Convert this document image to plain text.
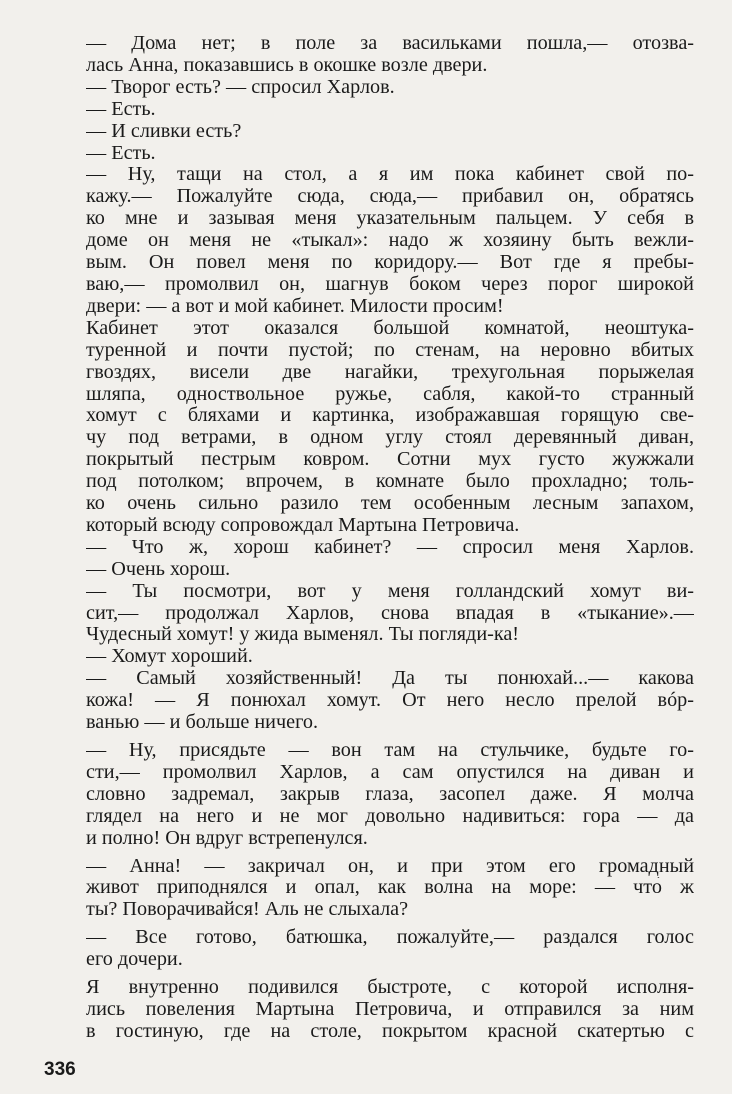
— Дома нет; в поле за васильками пошла,— отозва-
лась Анна, показавшись в окошке возле двери.
— Творог есть? — спросил Харлов.
— Есть.
— И сливки есть?
— Есть.
— Ну, тащи на стол, а я им пока кабинет свой по-
кажу.— Пожалуйте сюда, сюда,— прибавил он, обратясь
ко мне и зазывая меня указательным пальцем. У себя в
доме он меня не «тыкал»: надо ж хозяину быть вежли-
вым. Он повел меня по коридору.— Вот где я пребы-
ваю,— промолвил он, шагнув боком через порог широкой
двери: — а вот и мой кабинет. Милости просим!
Кабинет этот оказался большой комнатой, неоштука-
туренной и почти пустой; по стенам, на неровно вбитых
гвоздях, висели две нагайки, трехугольная порыжелая
шляпа, одноствольное ружье, сабля, какой-то странный
хомут с бляхами и картинка, изображавшая горящую све-
чу под ветрами, в одном углу стоял деревянный диван,
покрытый пестрым ковром. Сотни мух густо жужжали
под потолком; впрочем, в комнате было прохладно; толь-
ко очень сильно разило тем особенным лесным запахом,
который всюду сопровождал Мартына Петровича.
— Что ж, хорош кабинет? — спросил меня Харлов.
— Очень хорош.
— Ты посмотри, вот у меня голландский хомут ви-
сит,— продолжал Харлов, снова впадая в «тыкание».—
Чудесный хомут! у жида выменял. Ты погляди-ка!
— Хомут хороший.
— Самый хозяйственный! Да ты понюхай...— какова
кожа! — Я понюхал хомут. От него несло прелой вóр-
ванью — и больше ничего.
— Ну, присядьте — вон там на стульчике, будьте го-
сти,— промолвил Харлов, а сам опустился на диван и
словно задремал, закрыв глаза, засопел даже. Я молча
глядел на него и не мог довольно надивиться: гора — да
и полно! Он вдруг встрепенулся.
— Анна! — закричал он, и при этом его громадный
живот приподнялся и опал, как волна на море: — что́ ж
ты? Поворачивайся! Аль не слыхала?
— Все готово, батюшка, пожалуйте,— раздался голос
его дочери.
Я внутренно подивился быстроте, с которой исполня-
лись повеления Мартына Петровича, и отправился за ним
в гостиную, где на столе, покрытом красной скатертью с
336
